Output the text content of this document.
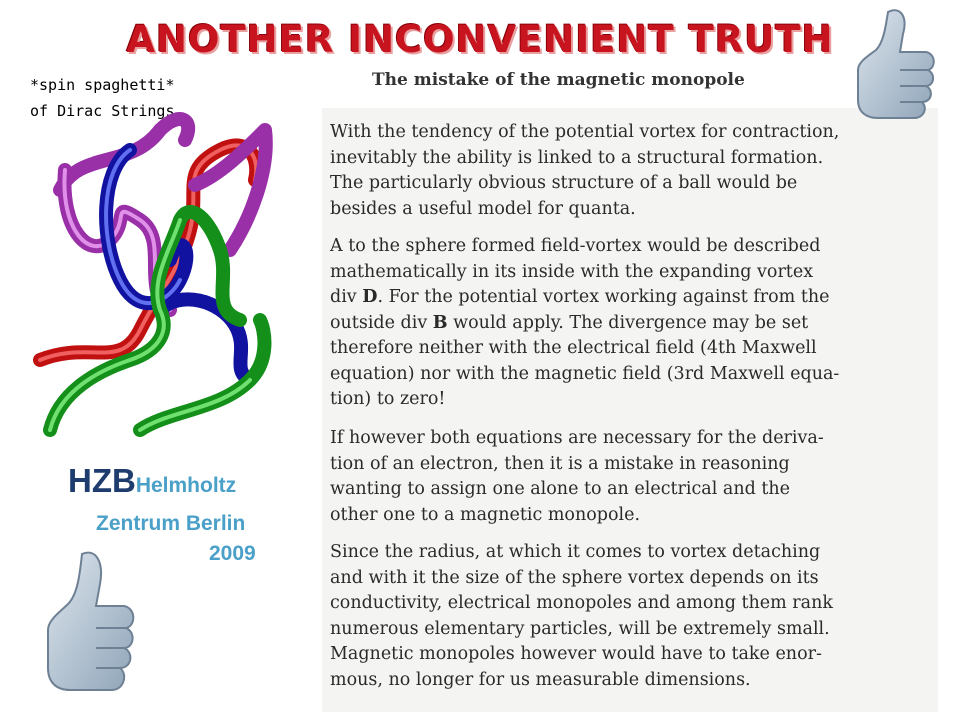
ANOTHER INCONVENIENT TRUTH
The mistake of the magnetic monopole
*spin spaghetti*
of Dirac Strings
HZBHelmholtz
Zentrum Berlin
2009
With the tendency of the potential vortex for contraction,
inevitably the ability is linked to a structural formation.
The particularly obvious structure of a ball would be
besides a useful model for quanta.
A to the sphere formed field-vortex would be described
mathematically in its inside with the expanding vortex
div D. For the potential vortex working against from the
outside div B would apply. The divergence may be set
therefore neither with the electrical field (4th Maxwell
equation) nor with the magnetic field (3rd Maxwell equa-
tion) to zero!
If however both equations are necessary for the deriva-
tion of an electron, then it is a mistake in reasoning
wanting to assign one alone to an electrical and the
other one to a magnetic monopole.
Since the radius, at which it comes to vortex detaching
and with it the size of the sphere vortex depends on its
conductivity, electrical monopoles and among them rank
numerous elementary particles, will be extremely small.
Magnetic monopoles however would have to take enor-
mous, no longer for us measurable dimensions.
